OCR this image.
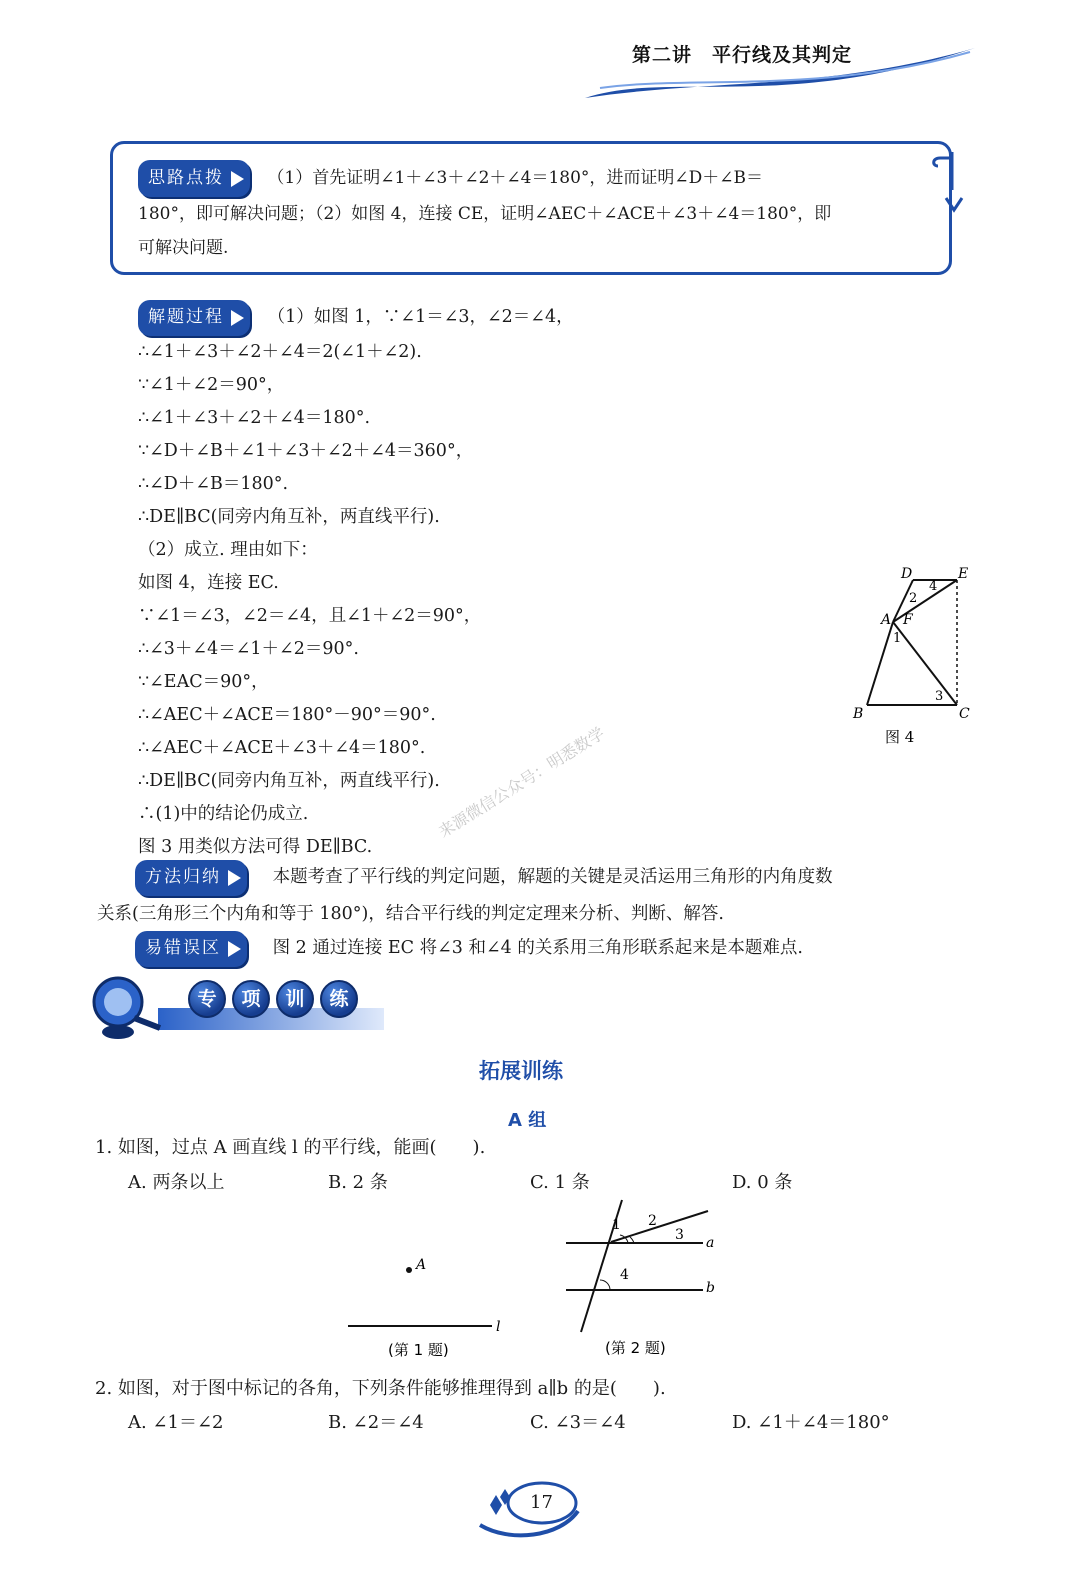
第二讲　平行线及其判定
思路点拨	（1）首先证明∠1＋∠3＋∠2＋∠4＝180°，进而证明∠D＋∠B＝
180°，即可解决问题；（2）如图 4，连接 CE，证明∠AEC＋∠ACE＋∠3＋∠4＝180°，即
可解决问题.
解题过程 （1）如图 1，∵∠1＝∠3，∠2＝∠4，
∴∠1＋∠3＋∠2＋∠4＝2(∠1＋∠2).
∵∠1＋∠2＝90°，
∴∠1＋∠3＋∠2＋∠4＝180°.
∵∠D＋∠B＋∠1＋∠3＋∠2＋∠4＝360°，
∴∠D＋∠B＝180°.
∴DE∥BC(同旁内角互补，两直线平行).
（2）成立. 理由如下：
如图 4，连接 EC.
∵∠1＝∠3，∠2＝∠4，且∠1＋∠2＝90°，
∴∠3＋∠4＝∠1＋∠2＝90°.
∵∠EAC＝90°，
∴∠AEC＋∠ACE＝180°－90°＝90°.
∴∠AEC＋∠ACE＋∠3＋∠4＝180°.
∴DE∥BC(同旁内角互补，两直线平行).
∴(1)中的结论仍成立.
图 3 用类似方法可得 DE∥BC.
D	E
A F
B	C
1
2
3
4
图 4
来源微信公众号：明悉数学
方法归纳	本题考查了平行线的判定问题，解题的关键是灵活运用三角形的内角度数
关系(三角形三个内角和等于 180°)，结合平行线的判定定理来分析、判断、解答.
易错误区	图 2 通过连接 EC 将∠3 和∠4 的关系用三角形联系起来是本题难点.
专 项 训 练
拓展训练
A 组
1. 如图，过点 A 画直线 l 的平行线，能画(　　).
A. 两条以上	B. 2 条	C. 1 条	D. 0 条
A
l
(第 1 题)
1 2
3
4
a
b
(第 2 题)
2. 如图，对于图中标记的各角，下列条件能够推理得到 a∥b 的是(　　).
A. ∠1＝∠2	B. ∠2＝∠4	C. ∠3＝∠4	D. ∠1＋∠4＝180°
17
